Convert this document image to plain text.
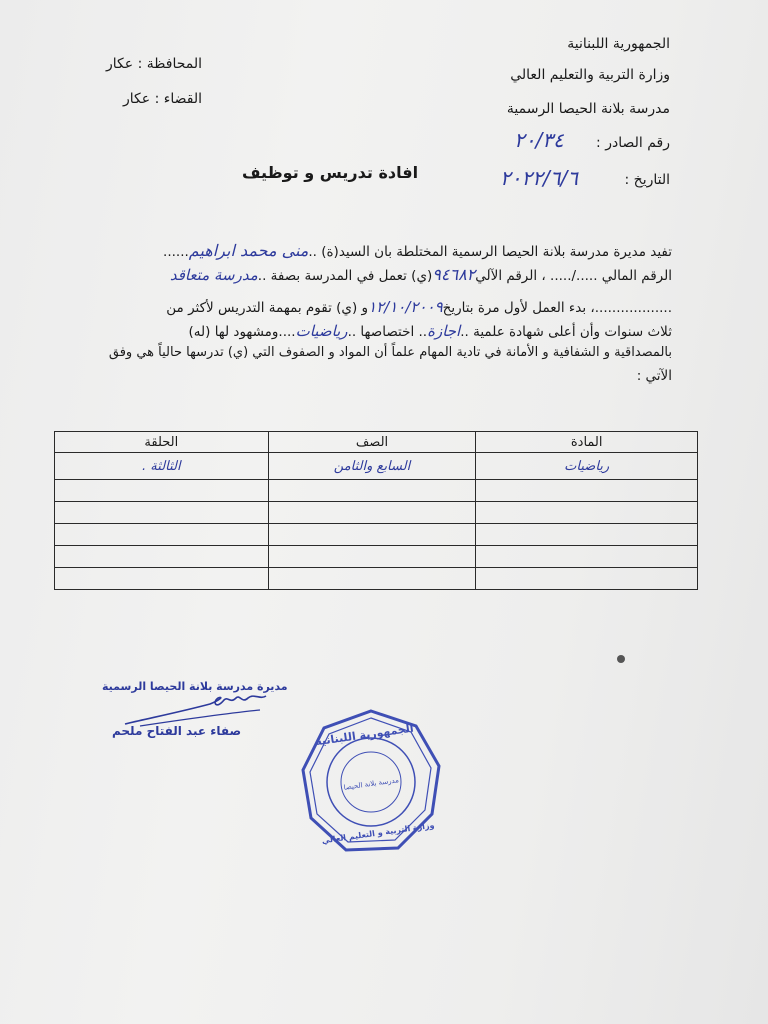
الجمهورية اللبنانية
وزارة التربية والتعليم العالي
مدرسة بلانة الحيصا الرسمية
رقم الصادر :
٢٠/٣٤
التاريخ :
٢٠٢٢/٦/٦
المحافظة : عكار
القضاء : عكار
افادة تدريس و توظيف
تفيد مديرة مدرسة بلانة الحيصا الرسمية المختلطة بان السيد(ة) ..منى محمد ابراهيم......
الرقم المالي ...../..... ، الرقم الآلي٩٤٦٨٢(ي) تعمل في المدرسة بصفة ..مدرسة متعاقد
..................، بدء العمل لأول مرة بتاريخ١٢/١٠/٢٠٠٩و (ي) تقوم بمهمة التدريس لأكثر من
ثلاث سنوات وأن أعلى شهادة علمية ..اجازة.. اختصاصها ..رياضيات....ومشهود لها (له)
بالمصداقية و الشفافية و الأمانة في تادية المهام علماً أن المواد و الصفوف التي (ي) تدرسها حالياً هي وفق
الآتي :
المادة	الصف	الحلقة
رياضيات	السابع والثامن	الثالثة .

مديرة مدرسة بلانة الحيصا الرسمية
صفاء عبد الفتاح ملحم	الجمهورية اللبنانية
مدرسة بلانة الحيصا
وزارة التربية و التعليم العالي
